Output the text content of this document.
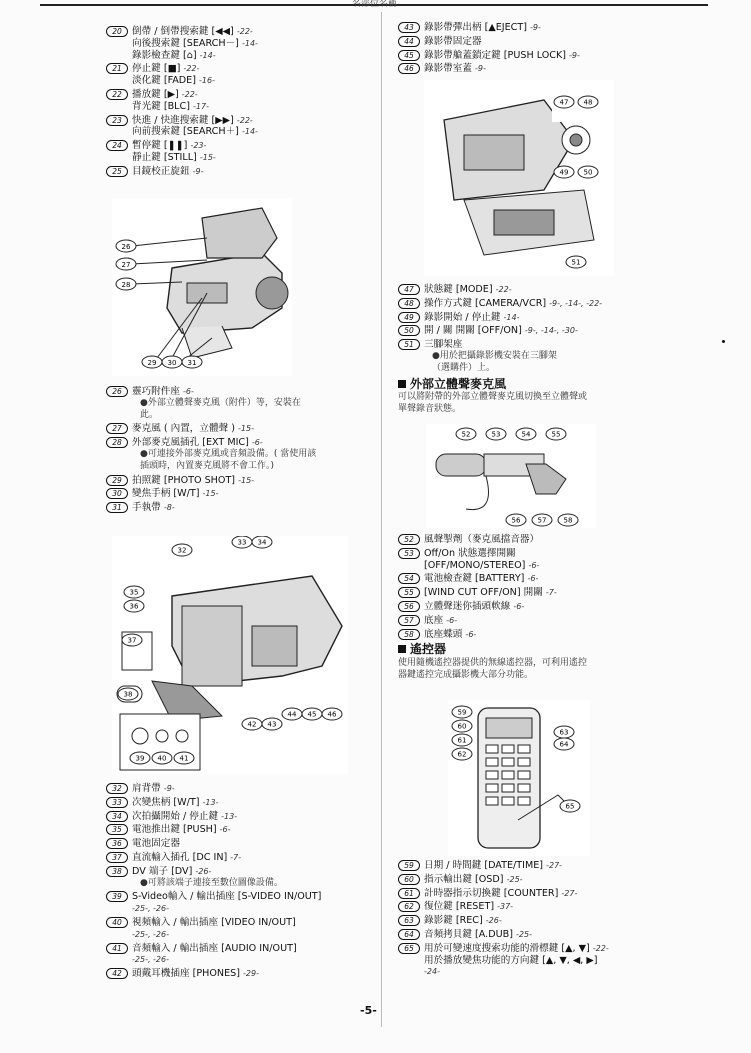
名部位名稱
20	倒帶 / 倒帶搜索鍵 [◀◀] -22-
向後搜索鍵 [SEARCH－] -14-
錄影檢查鍵 [⌂] -14-
21	停止鍵 [■] -22-
淡化鍵 [FADE] -16-
22	播放鍵 [▶] -22-
背光鍵 [BLC] -17-
23	快進 / 快進搜索鍵 [▶▶] -22-
向前搜索鍵 [SEARCH＋] -14-
24	暫停鍵 [❚❚] -23-
靜止鍵 [STILL] -15-
25	目鏡校正旋鈕 -9-
26
27
28
29 30 31
26	靈巧附件座 -6-
●外部立體聲麥克風（附件）等，安裝在
此。
27	麥克風 ( 內置，立體聲 ) -15-
28	外部麥克風插孔 [EXT MIC] -6-
●可連接外部麥克風或音頻設備。( 當使用該
插頭時，內置麥克風將不會工作。)
29	拍照鍵 [PHOTO SHOT] -15-
30	變焦手柄 [W/T] -15-
31	手執帶 -8-
32
33 34
35
36
37
38
42 43
44 45 46
39 40 41
32	肩背帶 -9-
33	次變焦柄 [W/T] -13-
34	次拍攝開始 / 停止鍵 -13-
35	電池推出鍵 [PUSH] -6-
36	電池固定器
37	直流輸入插孔 [DC IN] -7-
38	DV 端子 [DV] -26-
●可將該端子連接至數位圖像設備。
39	S-Video輸入 / 輸出插座 [S-VIDEO IN/OUT]
-25-, -26-
40	視頻輸入 / 輸出插座 [VIDEO IN/OUT]
-25-, -26-
41	音頻輸入 / 輸出插座 [AUDIO IN/OUT]
-25-, -26-
42	頭戴耳機插座 [PHONES] -29-
43	錄影帶彈出柄 [▲EJECT] -9-
44	錄影帶固定器
45	錄影帶艙蓋鎖定鍵 [PUSH LOCK] -9-
46	錄影帶室蓋 -9-
47 48
49 50
51
47	狀態鍵 [MODE] -22-
48	操作方式鍵 [CAMERA/VCR] -9-, -14-, -22-
49	錄影開始 / 停止鍵 -14-
50	開 / 關 開關 [OFF/ON] -9-, -14-, -30-
51	三腳架座
●用於把攝錄影機安裝在三腳架
（選購件）上。
外部立體聲麥克風
可以將附帶的外部立體聲麥克風切換至立體聲或
單聲錄音狀態。
52	53	54	55
56 57 58
52	風聲掣劑（麥克風擋音器）
53	Off/On 狀態選擇開關
[OFF/MONO/STEREO] -6-
54	電池檢查鍵 [BATTERY] -6-
55	[WIND CUT OFF/ON] 開關 -7-
56	立體聲迷你插頭軟線 -6-
57	底座 -6-
58	底座蝶頭 -6-
遙控器
使用隨機遙控器提供的無線遙控器，可利用遙控
器鍵遙控完成攝影機大部分功能。
59
60
61
62
63
64
65
59	日期 / 時間鍵 [DATE/TIME] -27-
60	指示輸出鍵 [OSD] -25-
61	計時器指示切換鍵 [COUNTER] -27-
62	復位鍵 [RESET] -37-
63	錄影鍵 [REC] -26-
64	音頻拷貝鍵 [A.DUB] -25-
65	用於可變速度搜索功能的滑標鍵 [▲, ▼] -22-
用於播放變焦功能的方向鍵 [▲, ▼, ◀, ▶]
-24-
-5-
